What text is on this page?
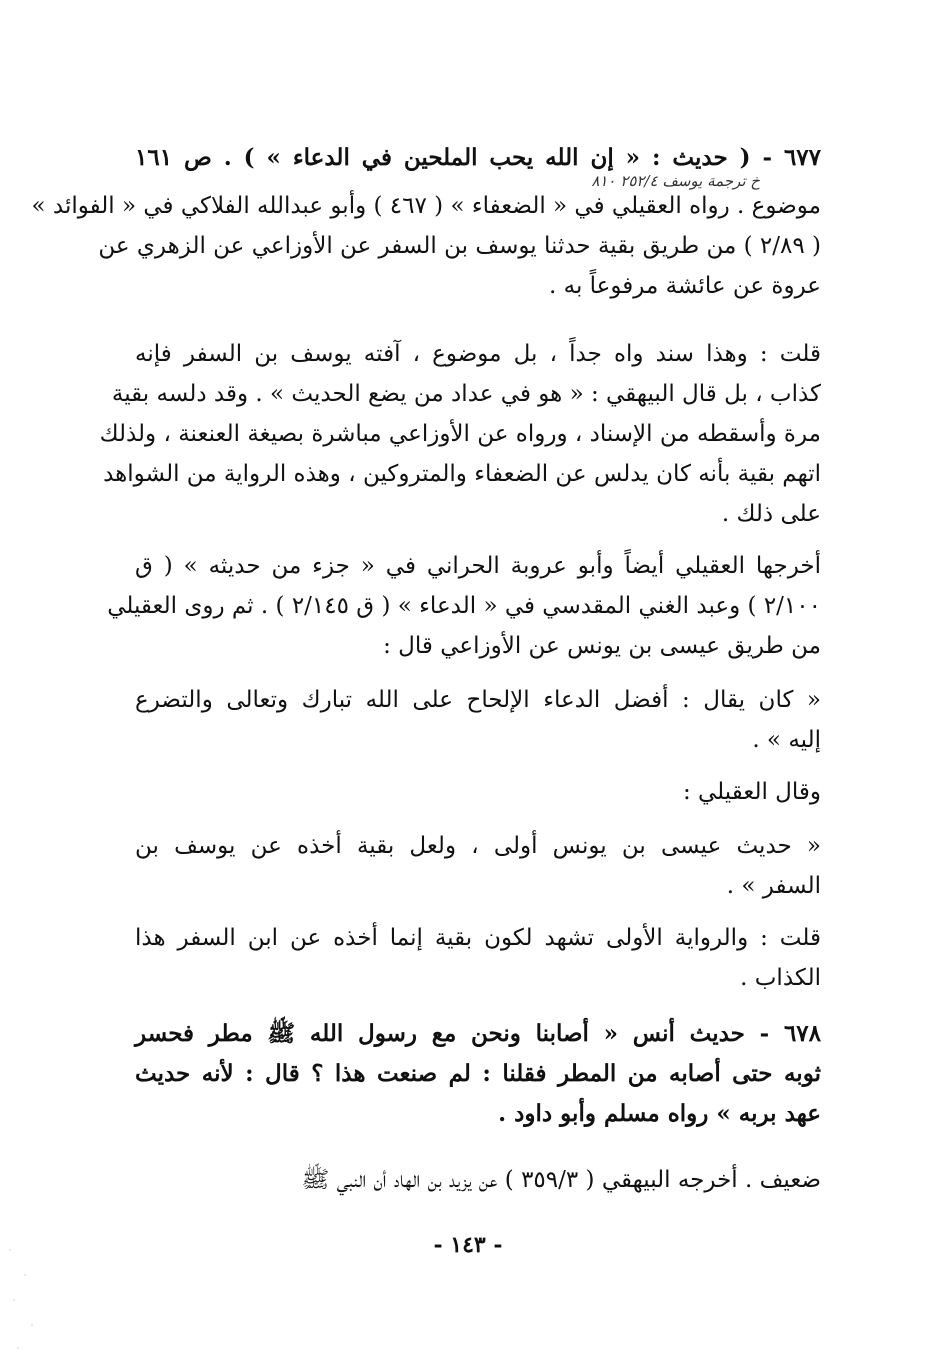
خ ترجمة يوسف ٢٥٢/٤ ٨١٠
٦٧٧ - ( حديث : « إن الله يحب الملحين في الدعاء » ) . ص ١٦١
موضوع . رواه العقيلي في « الضعفاء » ( ٤٦٧ ) وأبو عبدالله الفلاكي في « الفوائد »
( ٢/٨٩ ) من طريق بقية حدثنا يوسف بن السفر عن الأوزاعي عن الزهري عن
عروة عن عائشة مرفوعاً به .
قلت : وهذا سند واه جداً ، بل موضوع ، آفته يوسف بن السفر فإنه
كذاب ، بل قال البيهقي : « هو في عداد من يضع الحديث » . وقد دلسه بقية
مرة وأسقطه من الإسناد ، ورواه عن الأوزاعي مباشرة بصيغة العنعنة ، ولذلك
اتهم بقية بأنه كان يدلس عن الضعفاء والمتروكين ، وهذه الرواية من الشواهد
على ذلك .
أخرجها العقيلي أيضاً وأبو عروبة الحراني في « جزء من حديثه » ( ق
٢/١٠٠ ) وعبد الغني المقدسي في « الدعاء » ( ق ٢/١٤٥ ) . ثم روى العقيلي
من طريق عيسى بن يونس عن الأوزاعي قال :
« كان يقال : أفضل الدعاء الإلحاح على الله تبارك وتعالى والتضرع
إليه » .
وقال العقيلي :
« حديث عيسى بن يونس أولى ، ولعل بقية أخذه عن يوسف بن
السفر » .
قلت : والرواية الأولى تشهد لكون بقية إنما أخذه عن ابن السفر هذا
الكذاب .
٦٧٨ - حديث أنس « أصابنا ونحن مع رسول الله ﷺ مطر فحسر
ثوبه حتى أصابه من المطر فقلنا : لم صنعت هذا ؟ قال : لأنه حديث
عهد بربه » رواه مسلم وأبو داود .
ضعيف . أخرجه البيهقي ( ٣٥٩/٣ ) عن يزيد بن الهاد أن النبي ﷺ
- ١٤٣ -
